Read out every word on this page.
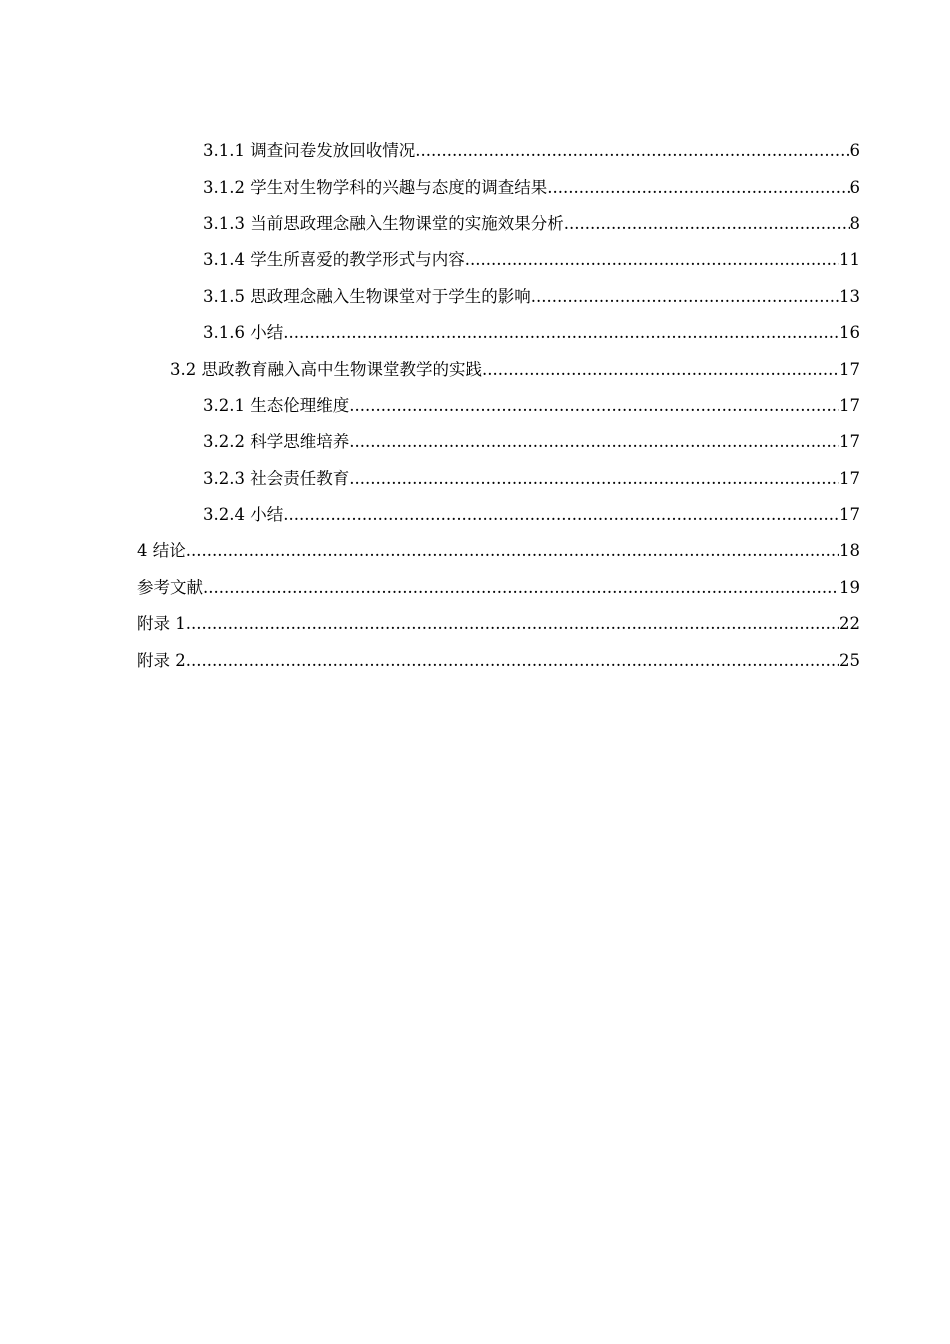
3.1.1 调查问卷发放回收情况 .....	6
3.1.2 学生对生物学科的兴趣与态度的调查结果 .....	6
3.1.3 当前思政理念融入生物课堂的实施效果分析 .....	8
3.1.4 学生所喜爱的教学形式与内容 .....	11
3.1.5 思政理念融入生物课堂对于学生的影响 .....	13
3.1.6 小结 .....	16
3.2 思政教育融入高中生物课堂教学的实践 .....	17
3.2.1 生态伦理维度 .....	17
3.2.2 科学思维培养 .....	17
3.2.3 社会责任教育 .....	17
3.2.4 小结 .....	17
4 结论 .....	18
参考文献 .....	19
附录 1 .....	22
附录 2 .....	25
